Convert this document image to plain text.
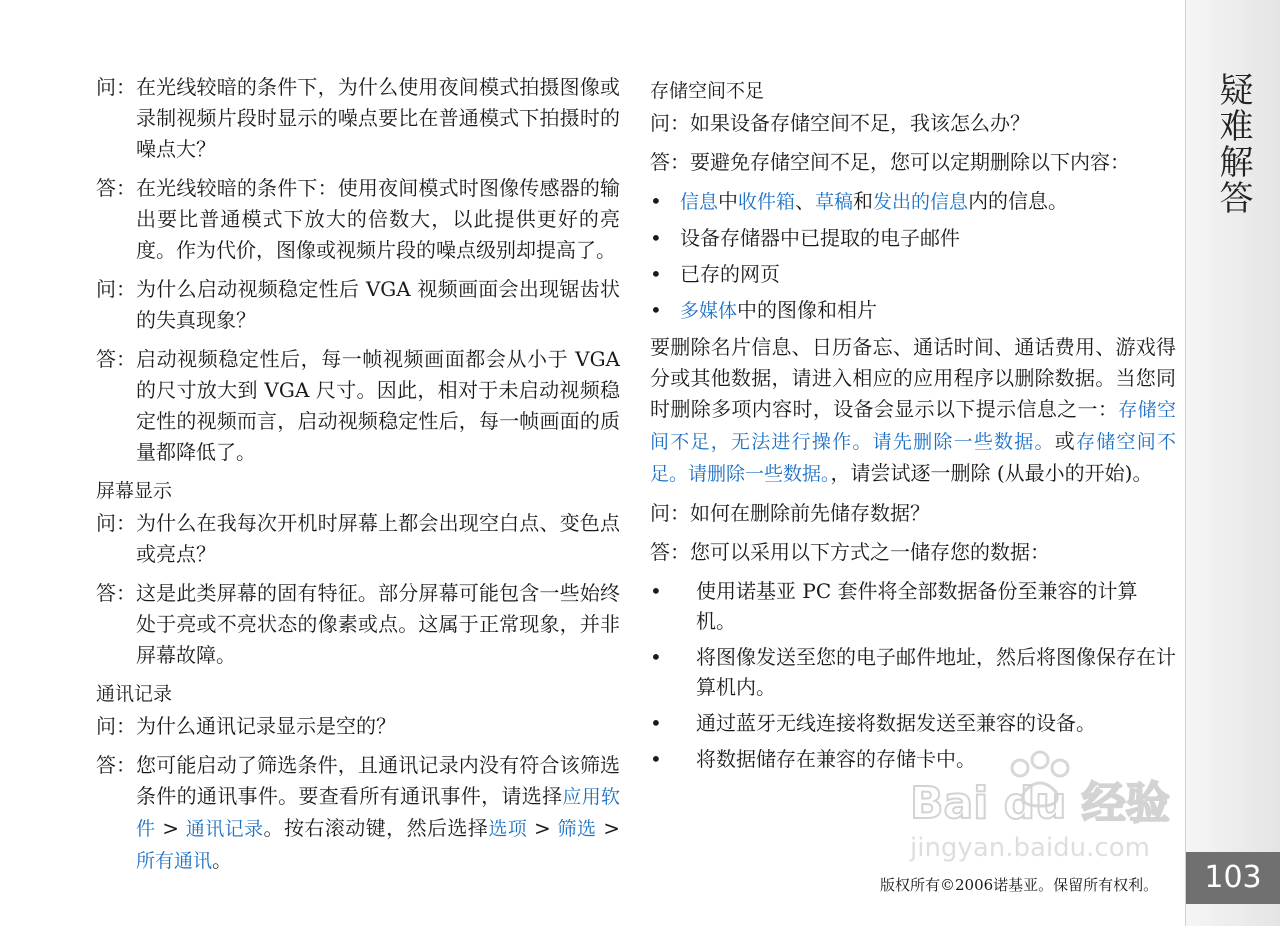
问： 在光线较暗的条件下，为什么使用夜间模式拍摄图像或录制视频片段时显示的噪点要比在普通模式下拍摄时的噪点大？
答： 在光线较暗的条件下：使用夜间模式时图像传感器的输出要比普通模式下放大的倍数大，以此提供更好的亮度。作为代价，图像或视频片段的噪点级别却提高了。
问： 为什么启动视频稳定性后 VGA 视频画面会出现锯齿状的失真现象？
答： 启动视频稳定性后，每一帧视频画面都会从小于 VGA 的尺寸放大到 VGA 尺寸。因此，相对于未启动视频稳定性的视频而言，启动视频稳定性后，每一帧画面的质量都降低了。
屏幕显示
问： 为什么在我每次开机时屏幕上都会出现空白点、变色点或亮点？
答： 这是此类屏幕的固有特征。部分屏幕可能包含一些始终处于亮或不亮状态的像素或点。这属于正常现象，并非屏幕故障。
通讯记录
问： 为什么通讯记录显示是空的？
答： 您可能启动了筛选条件，且通讯记录内没有符合该筛选条件的通讯事件。要查看所有通讯事件，请选择应用软件 > 通讯记录。按右滚动键，然后选择选项 > 筛选 > 所有通讯。
存储空间不足
问： 如果设备存储空间不足，我该怎么办？
答： 要避免存储空间不足，您可以定期删除以下内容：
• 信息中收件箱、草稿和发出的信息内的信息。
• 设备存储器中已提取的电子邮件
• 已存的网页
• 多媒体中的图像和相片
要删除名片信息、日历备忘、通话时间、通话费用、游戏得分或其他数据，请进入相应的应用程序以删除数据。当您同时删除多项内容时，设备会显示以下提示信息之一：存储空间不足，无法进行操作。请先删除一些数据。或存储空间不足。请删除一些数据。，请尝试逐一删除 (从最小的开始)。
问： 如何在删除前先储存数据？
答： 您可以采用以下方式之一储存您的数据：
•	使用诺基亚 PC 套件将全部数据备份至兼容的计算机。
•	将图像发送至您的电子邮件地址，然后将图像保存在计算机内。
•	通过蓝牙无线连接将数据发送至兼容的设备。
•	将数据储存在兼容的存储卡中。
疑难解答
103
Bai du 经验
jingyan.baidu.com
版权所有©2006诺基亚。保留所有权利。
